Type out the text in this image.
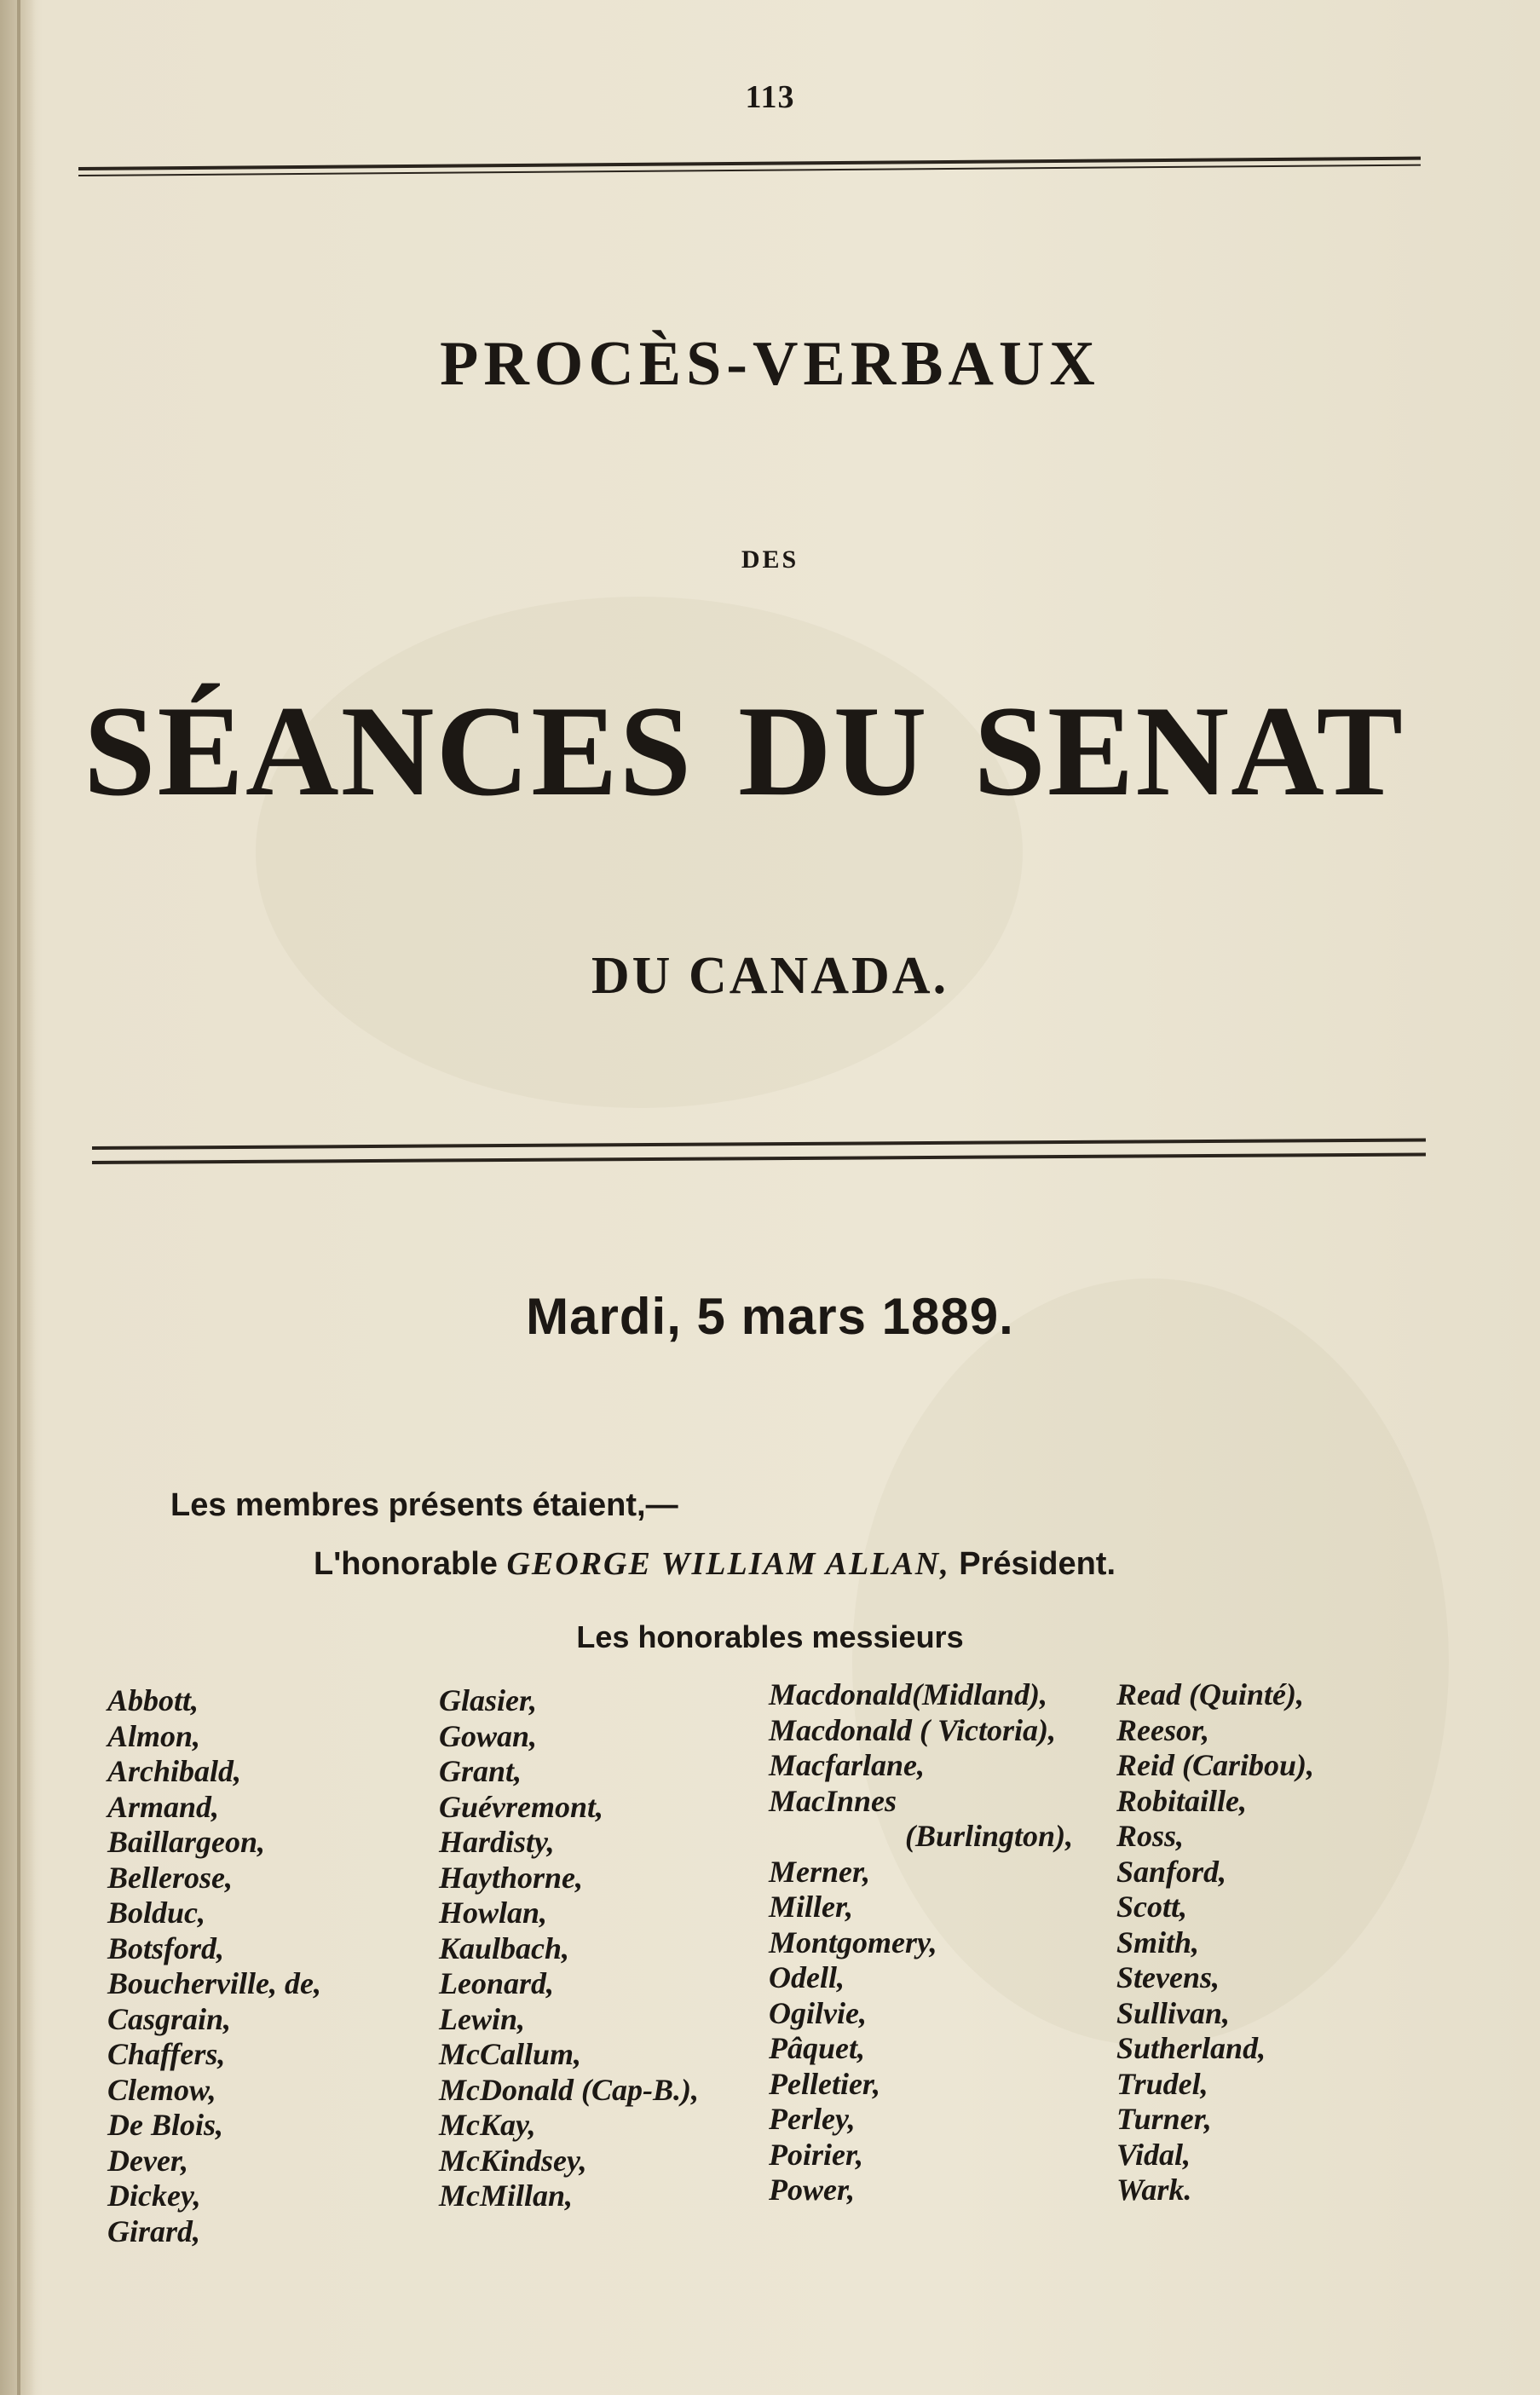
113
PROCÈS-VERBAUX
DES
SÉANCES DU SENAT
DU CANADA.
Mardi, 5 mars 1889.
Les membres présents étaient,—
L'honorable GEORGE WILLIAM ALLAN, Président.
Les honorables messieurs
Abbott,
Almon,
Archibald,
Armand,
Baillargeon,
Bellerose,
Bolduc,
Botsford,
Boucherville, de,
Casgrain,
Chaffers,
Clemow,
De Blois,
Dever,
Dickey,
Girard,
Glasier,
Gowan,
Grant,
Guévremont,
Hardisty,
Haythorne,
Howlan,
Kaulbach,
Leonard,
Lewin,
McCallum,
McDonald (Cap-B.),
McKay,
McKindsey,
McMillan,
Macdonald(Midland),
Macdonald ( Victoria),
Macfarlane,
MacInnes
(Burlington),
Merner,
Miller,
Montgomery,
Odell,
Ogilvie,
Pâquet,
Pelletier,
Perley,
Poirier,
Power,
Read (Quinté),
Reesor,
Reid (Caribou),
Robitaille,
Ross,
Sanford,
Scott,
Smith,
Stevens,
Sullivan,
Sutherland,
Trudel,
Turner,
Vidal,
Wark.
